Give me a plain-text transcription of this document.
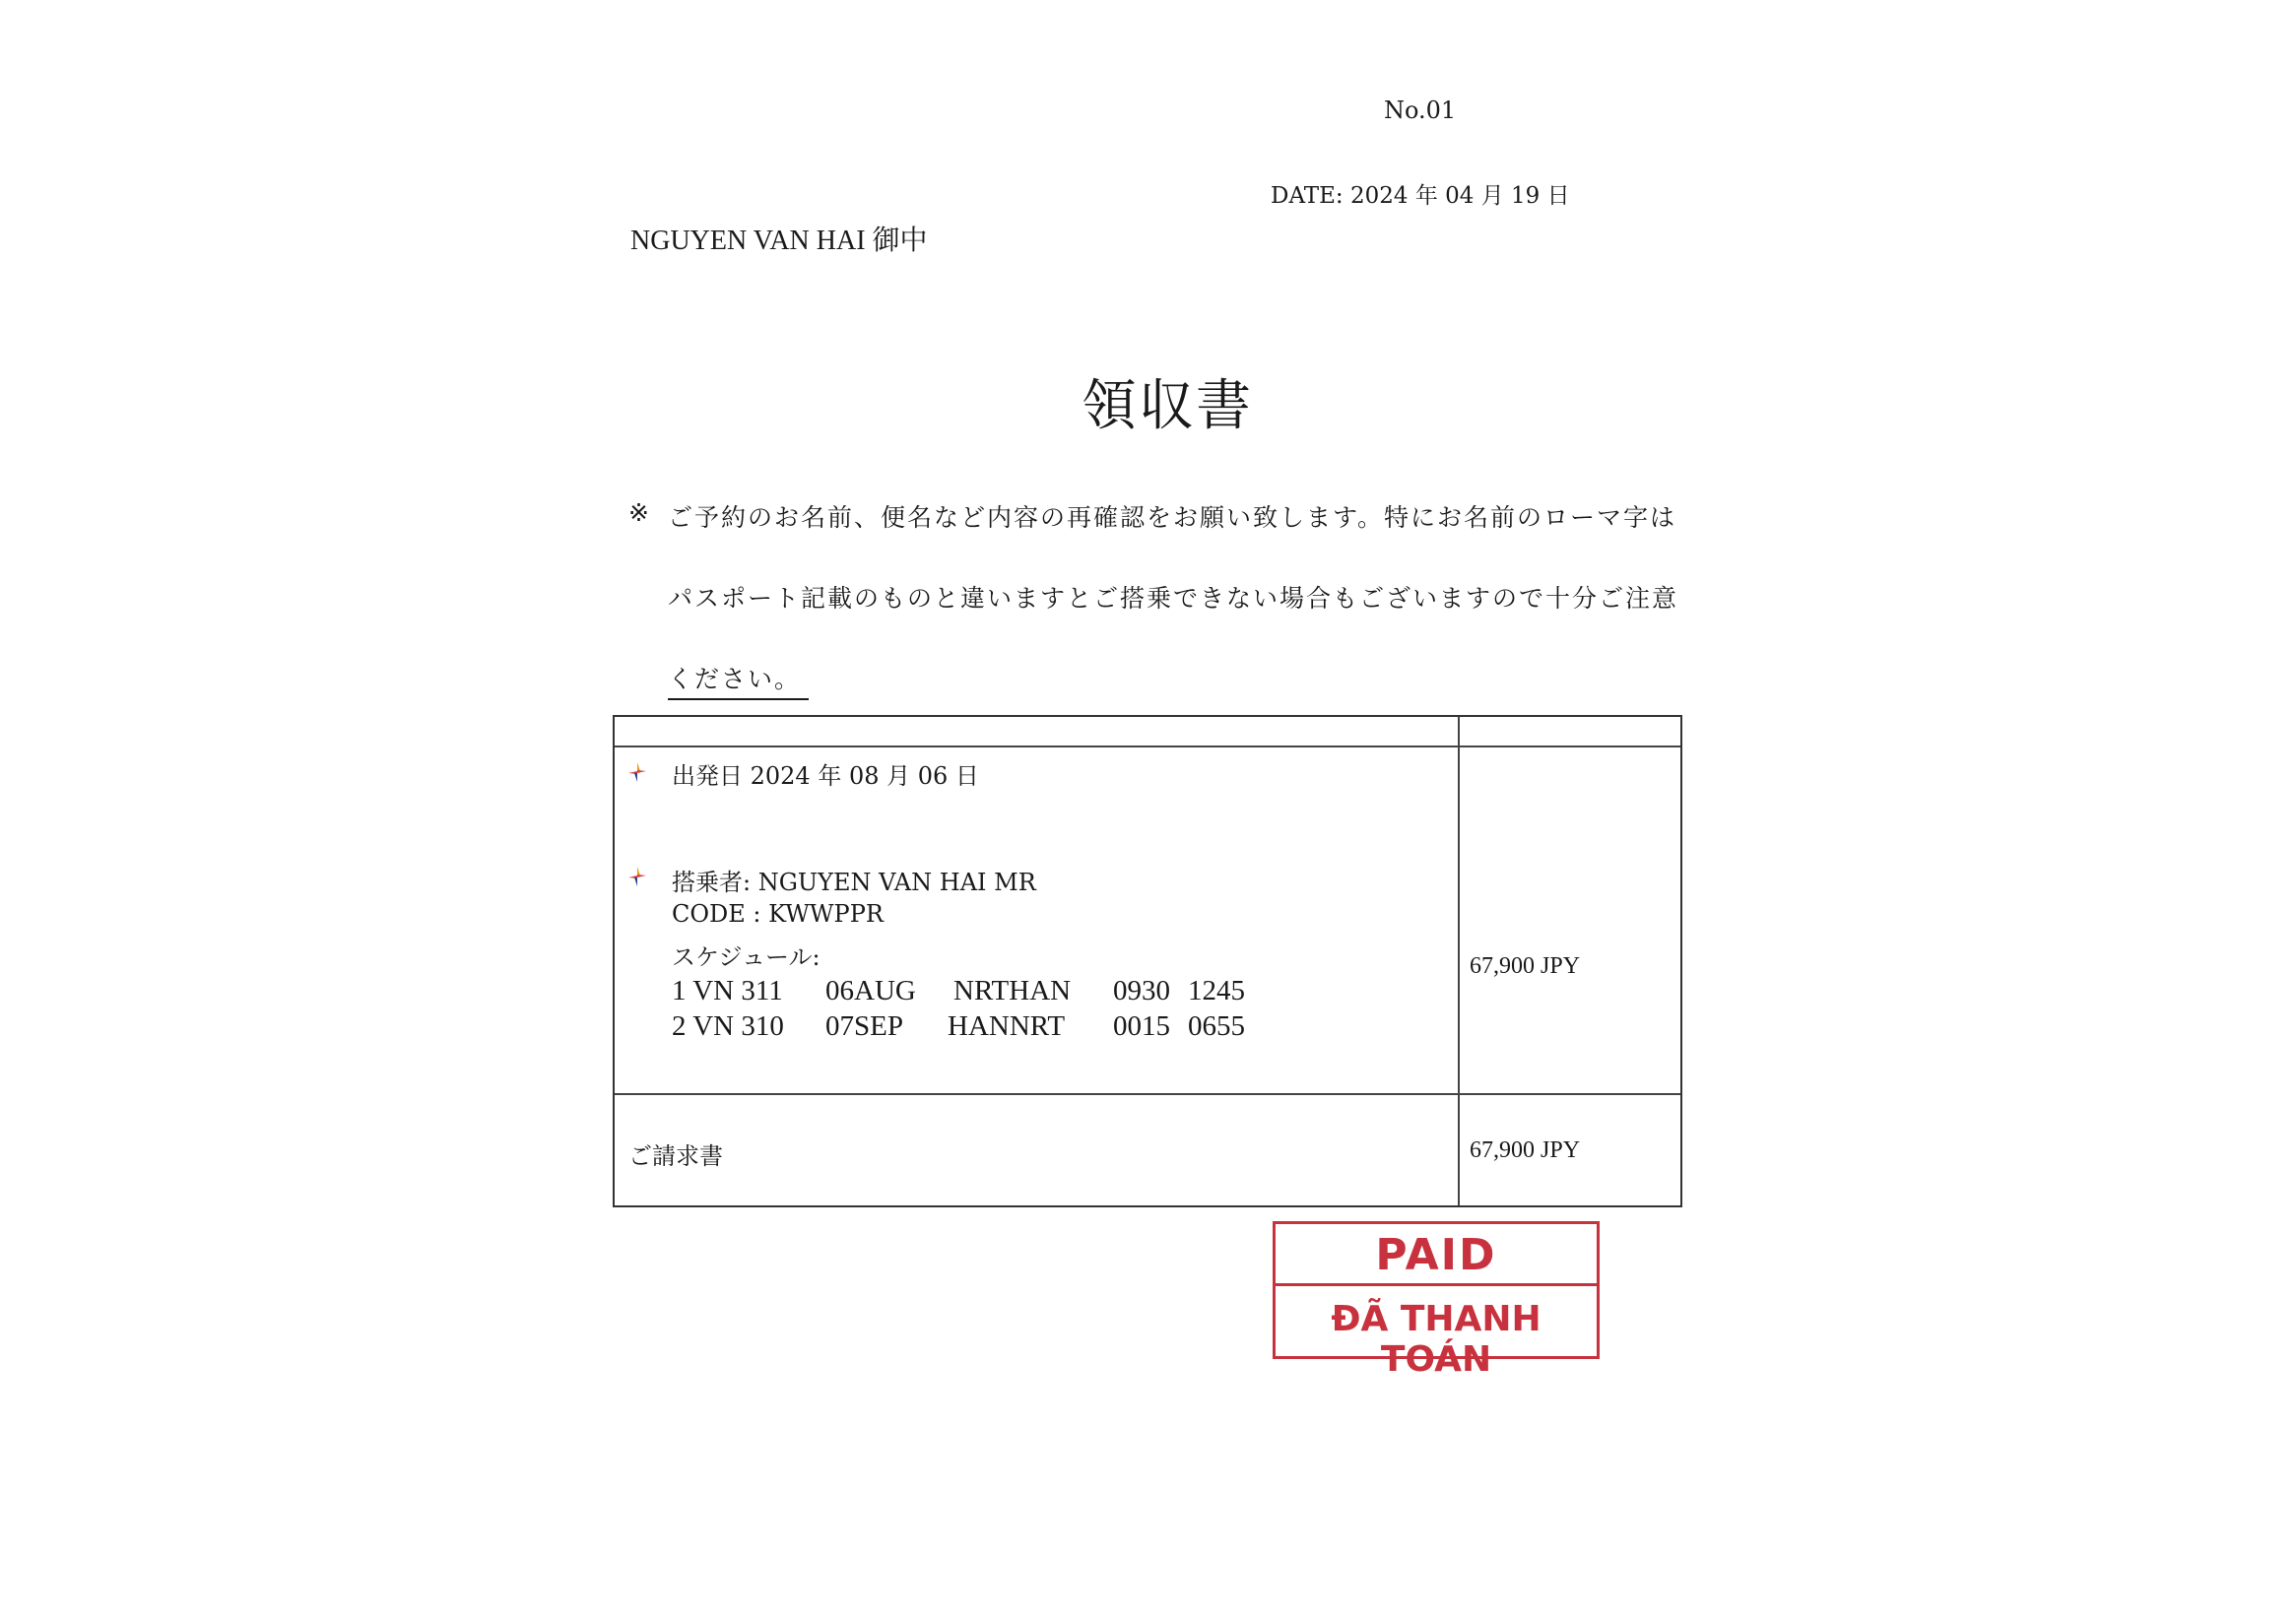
No.01
DATE: 2024 年 04 月 19 日
NGUYEN VAN HAI 御中
領収書
※ ご予約のお名前、便名など内容の再確認をお願い致します。特にお名前のローマ字は
パスポート記載のものと違いますとご搭乗できない場合もございますので十分ご注意
ください。
出発日 2024 年 08 月 06 日
搭乗者: NGUYEN VAN HAI MR
CODE : KWWPPR
スケジュール:
1 VN 311 06AUG NRTHAN 0930 1245
2 VN 310 07SEP HANNRT 0015 0655
67,900 JPY
ご請求書	67,900 JPY
PAID
ĐÃ THANH TOÁN
